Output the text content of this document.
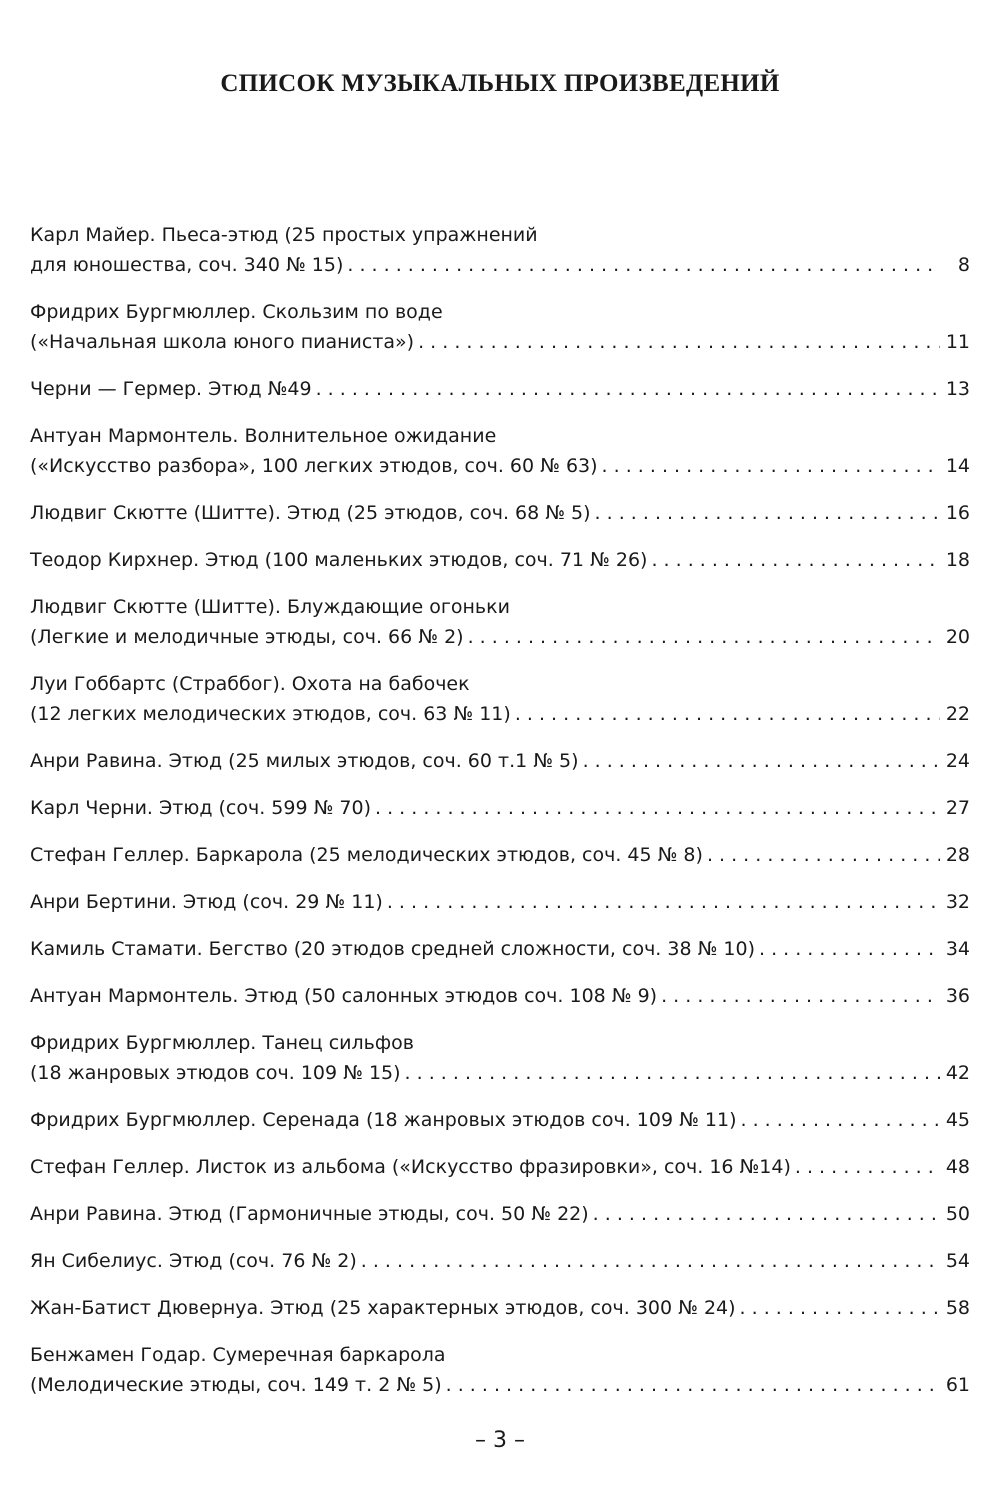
СПИСОК МУЗЫКАЛЬНЫХ ПРОИЗВЕДЕНИЙ
Карл Майер. Пьеса-этюд (25 простых упражнений
для юношества, соч. 340 № 15) . . .	8
Фридрих Бургмюллер. Скользим по воде
(«Начальная школа юного пианиста») . . .	11
Черни — Гермер. Этюд №49 . . .	13
Антуан Мармонтель. Волнительное ожидание
(«Искусство разбора», 100 легких этюдов, соч. 60 № 63) . . .	14
Людвиг Скютте (Шитте). Этюд (25 этюдов, соч. 68 № 5) . . .	16
Теодор Кирхнер. Этюд (100 маленьких этюдов, соч. 71 № 26) . . .	18
Людвиг Скютте (Шитте). Блуждающие огоньки
(Легкие и мелодичные этюды, соч. 66 № 2) . . .	20
Луи Гоббартс (Страббог). Охота на бабочек
(12 легких мелодических этюдов, соч. 63 № 11) . . .	22
Анри Равина. Этюд (25 милых этюдов, соч. 60 т.1 № 5) . . .	24
Карл Черни. Этюд (соч. 599 № 70) . . .	27
Стефан Геллер. Баркарола (25 мелодических этюдов, соч. 45 № 8) . . .	28
Анри Бертини. Этюд (соч. 29 № 11) . . .	32
Камиль Стамати. Бегство (20 этюдов средней сложности, соч. 38 № 10) . . .	34
Антуан Мармонтель. Этюд (50 салонных этюдов соч. 108 № 9) . . .	36
Фридрих Бургмюллер. Танец сильфов
(18 жанровых этюдов соч. 109 № 15) . . .	42
Фридрих Бургмюллер. Серенада (18 жанровых этюдов соч. 109 № 11) . . .	45
Стефан Геллер. Листок из альбома («Искусство фразировки», соч. 16 №14) . . .	48
Анри Равина. Этюд (Гармоничные этюды, соч. 50 № 22) . . .	50
Ян Сибелиус. Этюд (соч. 76 № 2) . . .	54
Жан-Батист Дювернуа. Этюд (25 характерных этюдов, соч. 300 № 24) . . .	58
Бенжамен Годар. Сумеречная баркарола
(Мелодические этюды, соч. 149 т. 2 № 5) . . .	61
– 3 –
